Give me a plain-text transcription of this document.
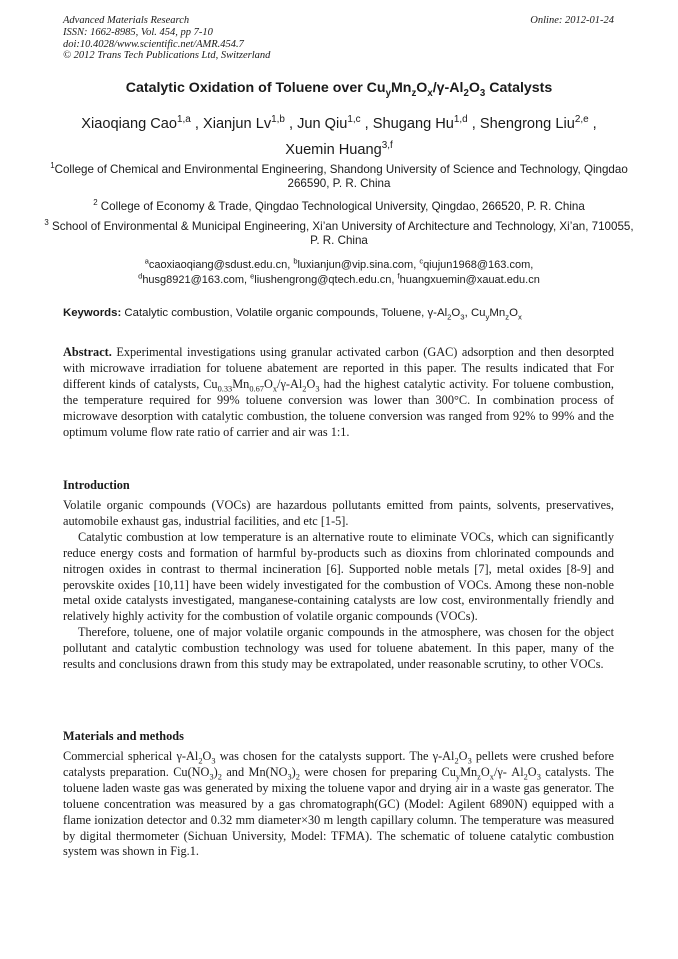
Advanced Materials Research
ISSN: 1662-8985, Vol. 454, pp 7-10
doi:10.4028/www.scientific.net/AMR.454.7
© 2012 Trans Tech Publications Ltd, Switzerland
Online: 2012-01-24
Catalytic Oxidation of Toluene over $Cu_yMn_zO_x/\gamma-Al_2O_3$ Catalysts
Xiaoqiang Cao$^{1,a}$ , Xianjun Lv$^{1,b}$ , Jun Qiu$^{1,c}$ , Shugang Hu$^{1,d}$ , Shengrong Liu$^{2,e}$ ,
Xuemin Huang$^{3,f}$
$^1$College of Chemical and Environmental Engineering, Shandong University of Science and Technology, Qingdao 266590, P. R. China
$^2$ College of Economy & Trade, Qingdao Technological University, Qingdao, 266520, P. R. China
$^3$ School of Environmental & Municipal Engineering, Xi’an University of Architecture and Technology, Xi’an, 710055, P. R. China
$^a$caoxiaoqiang@sdust.edu.cn, $^b$luxianjun@vip.sina.com, $^c$qiujun1968@163.com,
$^d$husg8921@163.com, $^e$liushengrong@qtech.edu.cn, $^f$huangxuemin@xauat.edu.cn
Keywords: Catalytic combustion, Volatile organic compounds, Toluene, $\gamma-Al_2O_3$, $Cu_yMn_zO_x$
Abstract. Experimental investigations using granular activated carbon (GAC) adsorption and then desorpted with microwave irradiation for toluene abatement are reported in this paper. The results indicated that For different kinds of catalysts, $Cu_{0.33}Mn_{0.67}O_x/\gamma-Al_2O_3$ had the highest catalytic activity. For toluene combustion, the temperature required for 99% toluene conversion was lower than 300°C. In combination process of microwave desorption with catalytic combustion, the toluene conversion was ranged from 92% to 99% and the optimum volume flow rate ratio of carrier and air was 1:1.
Introduction

Volatile organic compounds (VOCs) are hazardous pollutants emitted from paints, solvents, preservatives, automobile exhaust gas, industrial facilities, and etc [1-5].

Catalytic combustion at low temperature is an alternative route to eliminate VOCs, which can significantly reduce energy costs and formation of harmful by-products such as dioxins from chlorinated compounds and nitrogen oxides in contrast to thermal incineration [6]. Supported noble metals [7], metal oxides [8-9] and perovskite oxides [10,11] have been widely investigated for the combustion of VOCs. Among these non-noble metal oxide catalysts investigated, manganese-containing catalysts are low cost, environmentally friendly and relatively highly activity for the combustion of volatile organic compounds (VOCs).

Therefore, toluene, one of major volatile organic compounds in the atmosphere, was chosen for the object pollutant and catalytic combustion technology was used for toluene abatement. In this paper, many of the results and conclusions drawn from this study may be extrapolated, under reasonable scrutiny, to other VOCs.

Materials and methods

Commercial spherical $\gamma-Al_2O_3$ was chosen for the catalysts support. The $\gamma-Al_2O_3$ pellets were crushed before catalysts preparation. $Cu(NO_3)_2$ and $Mn(NO_3)_2$ were chosen for preparing $Cu_yMn_zO_x/\gamma-$ $Al_2O_3$ catalysts. The toluene laden waste gas was generated by mixing the toluene vapor and drying air in a waste gas generator. The toluene concentration was measured by a gas chromatograph(GC) (Model: Agilent 6890N) equipped with a flame ionization detector and 0.32 mm diameter×30 m length capillary column. The temperature was measured by digital thermometer (Sichuan University, Model: TFMA). The schematic of toluene catalytic combustion system was shown in Fig.1.
